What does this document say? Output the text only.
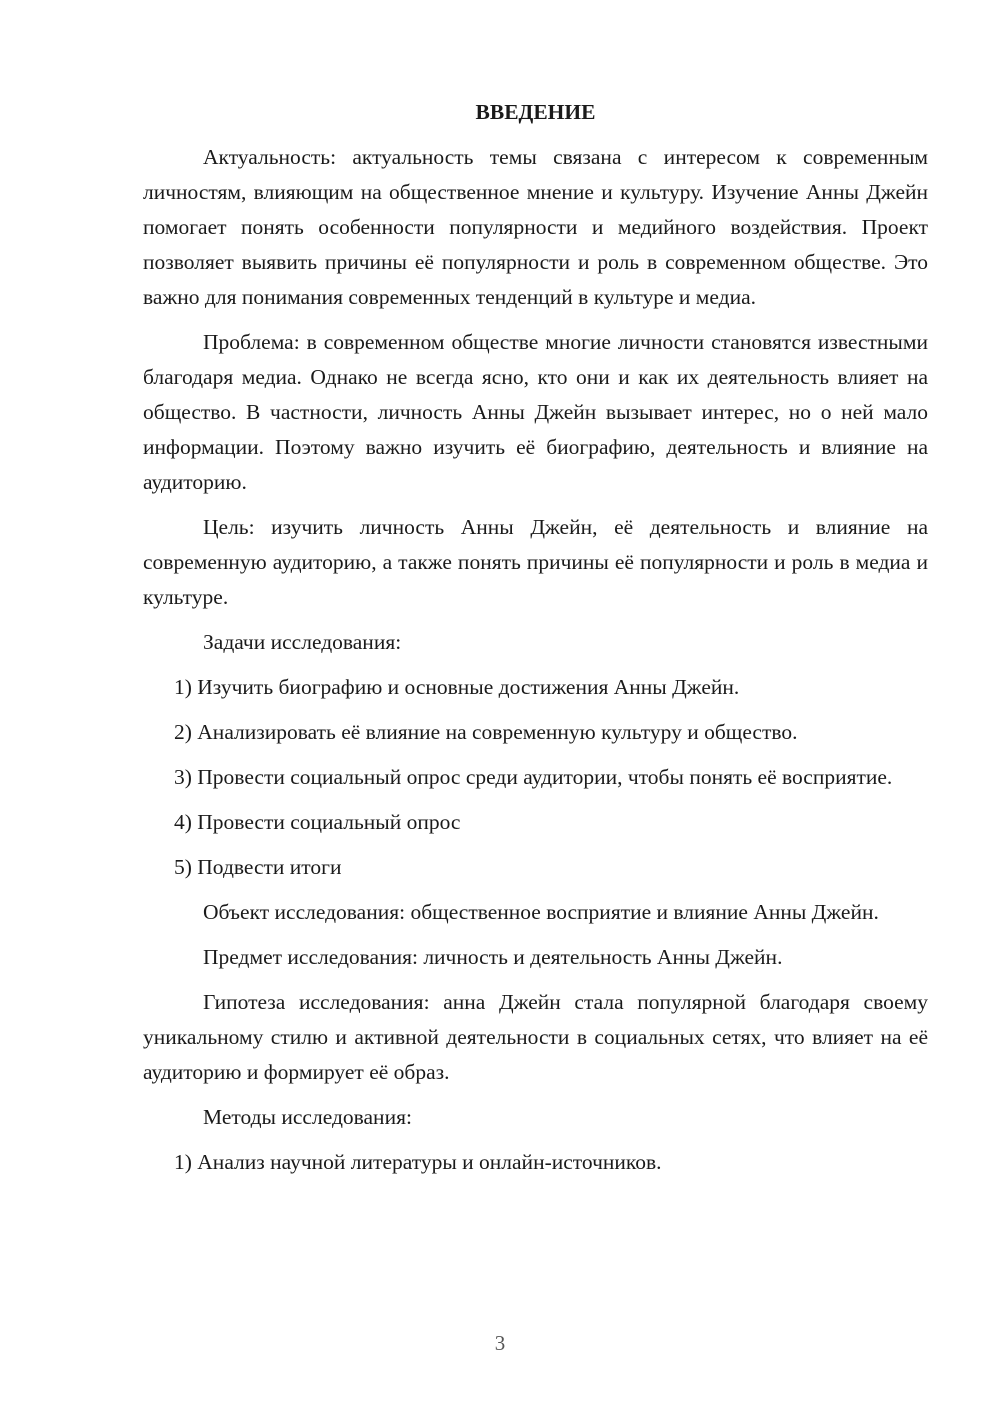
ВВЕДЕНИЕ

Актуальность: актуальность темы связана с интересом к современным личностям, влияющим на общественное мнение и культуру. Изучение Анны Джейн помогает понять особенности популярности и медийного воздействия. Проект позволяет выявить причины её популярности и роль в современном обществе. Это важно для понимания современных тенденций в культуре и медиа.

Проблема: в современном обществе многие личности становятся известными благодаря медиа. Однако не всегда ясно, кто они и как их деятельность влияет на общество. В частности, личность Анны Джейн вызывает интерес, но о ней мало информации. Поэтому важно изучить её биографию, деятельность и влияние на аудиторию.

Цель: изучить личность Анны Джейн, её деятельность и влияние на современную аудиторию, а также понять причины её популярности и роль в медиа и культуре.

Задачи исследования:

1) Изучить биографию и основные достижения Анны Джейн.

2) Анализировать её влияние на современную культуру и общество.

3) Провести социальный опрос среди аудитории, чтобы понять её восприятие.

4) Провести социальный опрос

5) Подвести итоги

Объект исследования: общественное восприятие и влияние Анны Джейн.

Предмет исследования: личность и деятельность Анны Джейн.

Гипотеза исследования: анна Джейн стала популярной благодаря своему уникальному стилю и активной деятельности в социальных сетях, что влияет на её аудиторию и формирует её образ.

Методы исследования:

1) Анализ научной литературы и онлайн-источников.

3
